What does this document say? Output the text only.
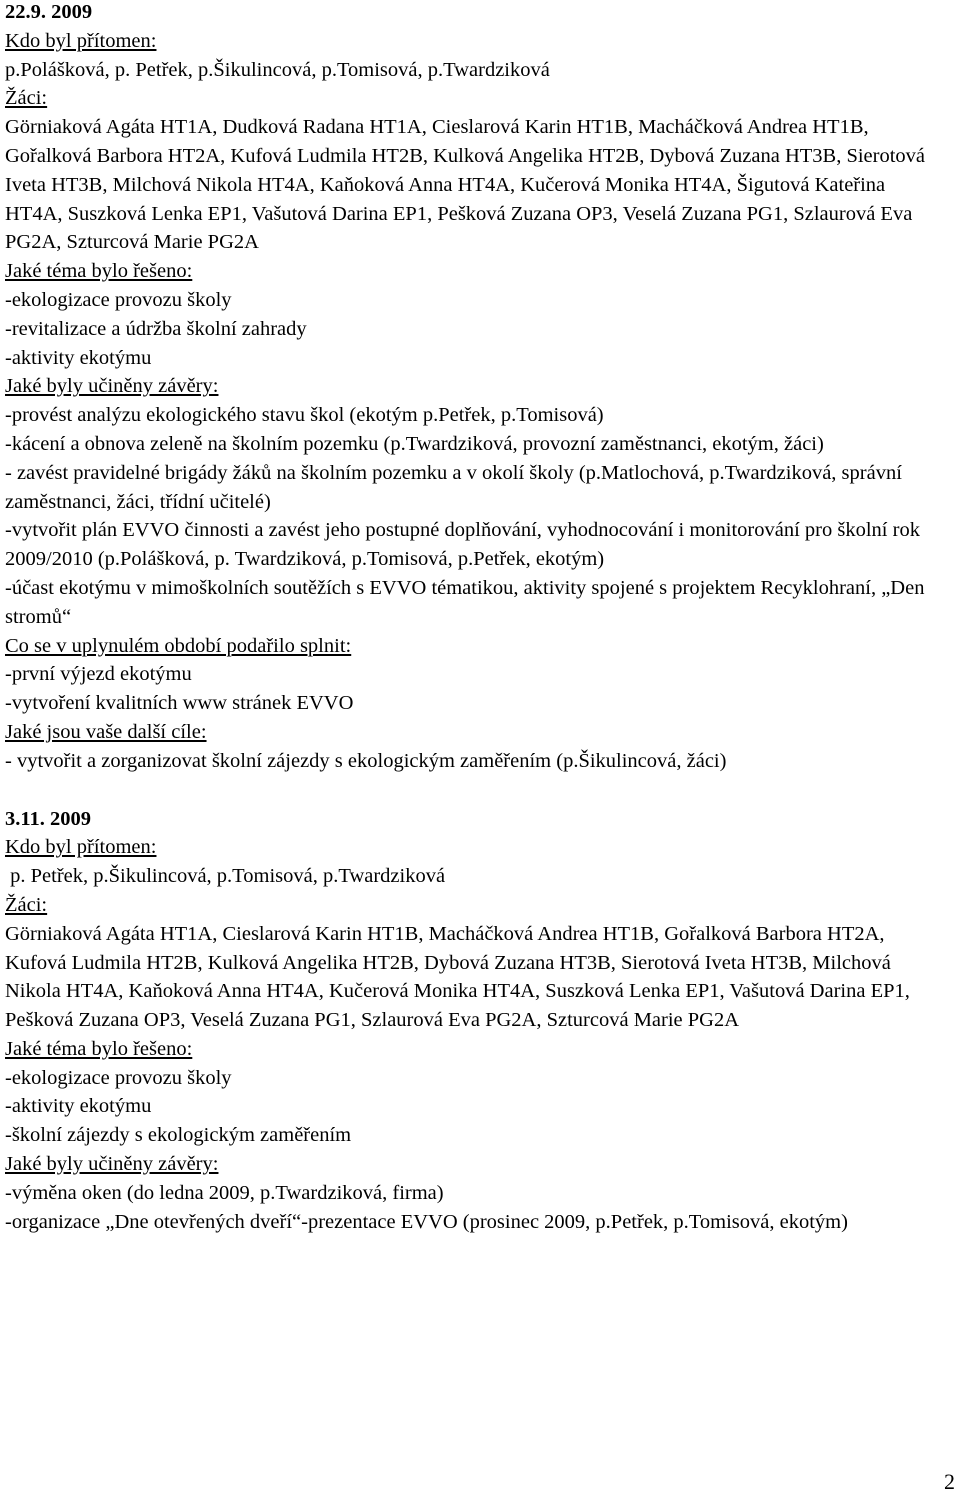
22.9. 2009

Kdo byl přítomen:

p.Polášková, p. Petřek, p.Šikulincová, p.Tomisová, p.Twardziková

Žáci:

Görniaková Agáta HT1A, Dudková Radana HT1A, Cieslarová Karin HT1B, Macháčková Andrea HT1B, Gořalková Barbora HT2A, Kufová Ludmila HT2B, Kulková Angelika HT2B, Dybová Zuzana HT3B, Sierotová Iveta HT3B, Milchová Nikola HT4A, Kaňoková Anna HT4A, Kučerová Monika HT4A, Šigutová Kateřina HT4A, Suszková Lenka EP1, Vašutová Darina EP1, Pešková Zuzana OP3, Veselá Zuzana PG1, Szlaurová Eva PG2A, Szturcová Marie PG2A

Jaké téma bylo řešeno:

-ekologizace provozu školy

-revitalizace a údržba školní zahrady

-aktivity ekotýmu

Jaké byly učiněny závěry:

-provést analýzu ekologického stavu škol (ekotým p.Petřek, p.Tomisová)

-kácení a obnova zeleně na školním pozemku (p.Twardziková, provozní zaměstnanci, ekotým, žáci)

- zavést pravidelné brigády žáků na školním pozemku a v okolí školy (p.Matlochová, p.Twardziková, správní zaměstnanci, žáci, třídní učitelé)

-vytvořit plán EVVO činnosti a zavést jeho postupné doplňování, vyhodnocování i monitorování pro školní rok 2009/2010 (p.Polášková, p. Twardziková, p.Tomisová, p.Petřek, ekotým)

-účast ekotýmu v mimoškolních soutěžích s EVVO tématikou, aktivity spojené s projektem Recyklohraní, „Den stromů“

Co se v uplynulém období podařilo splnit:

-první výjezd ekotýmu

-vytvoření kvalitních www stránek EVVO

Jaké jsou vaše další cíle:

- vytvořit a zorganizovat školní zájezdy s ekologickým zaměřením (p.Šikulincová, žáci)

3.11. 2009

Kdo byl přítomen:

p. Petřek, p.Šikulincová, p.Tomisová, p.Twardziková

Žáci:

Görniaková Agáta HT1A, Cieslarová Karin HT1B, Macháčková Andrea HT1B, Gořalková Barbora HT2A, Kufová Ludmila HT2B, Kulková Angelika HT2B, Dybová Zuzana HT3B, Sierotová Iveta HT3B, Milchová Nikola HT4A, Kaňoková Anna HT4A, Kučerová Monika HT4A, Suszková Lenka EP1, Vašutová Darina EP1, Pešková Zuzana OP3, Veselá Zuzana PG1, Szlaurová Eva PG2A, Szturcová Marie PG2A

Jaké téma bylo řešeno:

-ekologizace provozu školy

-aktivity ekotýmu

-školní zájezdy s ekologickým zaměřením

Jaké byly učiněny závěry:

-výměna oken (do ledna 2009, p.Twardziková, firma)

-organizace „Dne otevřených dveří“-prezentace EVVO (prosinec 2009, p.Petřek, p.Tomisová, ekotým)

2
